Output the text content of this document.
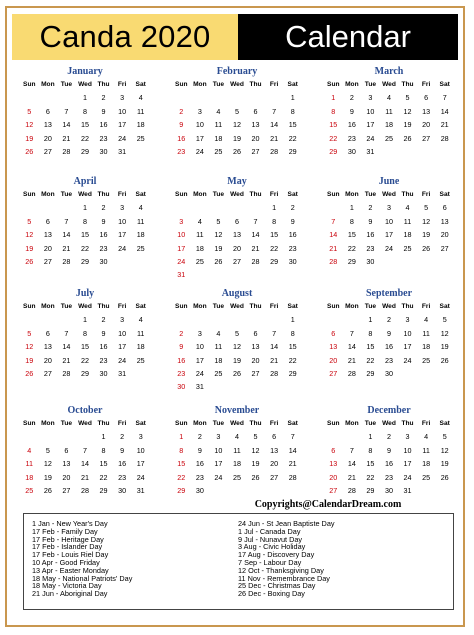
Canda 2020	Calendar
January
Sun	Mon	Tue	Wed	Thu	Fri	Sat
			1	2	3	4
5	6	7	8	9	10	11
12	13	14	15	16	17	18
19	20	21	22	23	24	25
26	27	28	29	30	31	
February
Sun	Mon	Tue	Wed	Thu	Fri	Sat
						1
2	3	4	5	6	7	8
9	10	11	12	13	14	15
16	17	18	19	20	21	22
23	24	25	26	27	28	29
March
Sun	Mon	Tue	Wed	Thu	Fri	Sat
1	2	3	4	5	6	7
8	9	10	11	12	13	14
15	16	17	18	19	20	21
22	23	24	25	26	27	28
29	30	31				
April
Sun	Mon	Tue	Wed	Thu	Fri	Sat
			1	2	3	4
5	6	7	8	9	10	11
12	13	14	15	16	17	18
19	20	21	22	23	24	25
26	27	28	29	30		
May
Sun	Mon	Tue	Wed	Thu	Fri	Sat
					1	2
3	4	5	6	7	8	9
10	11	12	13	14	15	16
17	18	19	20	21	22	23
24	25	26	27	28	29	30
31						
June
Sun	Mon	Tue	Wed	Thu	Fri	Sat
	1	2	3	4	5	6
7	8	9	10	11	12	13
14	15	16	17	18	19	20
21	22	23	24	25	26	27
28	29	30				
July
Sun	Mon	Tue	Wed	Thu	Fri	Sat
			1	2	3	4
5	6	7	8	9	10	11
12	13	14	15	16	17	18
19	20	21	22	23	24	25
26	27	28	29	30	31	
August
Sun	Mon	Tue	Wed	Thu	Fri	Sat
						1
2	3	4	5	6	7	8
9	10	11	12	13	14	15
16	17	18	19	20	21	22
23	24	25	26	27	28	29
30	31					
September
Sun	Mon	Tue	Wed	Thu	Fri	Sat
		1	2	3	4	5
6	7	8	9	10	11	12
13	14	15	16	17	18	19
20	21	22	23	24	25	26
27	28	29	30			
October
Sun	Mon	Tue	Wed	Thu	Fri	Sat
				1	2	3
4	5	6	7	8	9	10
11	12	13	14	15	16	17
18	19	20	21	22	23	24
25	26	27	28	29	30	31
November
Sun	Mon	Tue	Wed	Thu	Fri	Sat
1	2	3	4	5	6	7
8	9	10	11	12	13	14
15	16	17	18	19	20	21
22	23	24	25	26	27	28
29	30					
December
Sun	Mon	Tue	Wed	Thu	Fri	Sat
		1	2	3	4	5
6	7	8	9	10	11	12
13	14	15	16	17	18	19
20	21	22	23	24	25	26
27	28	29	30	31		
Copyrights@CalendarDream.com
1 Jan - New Year's Day
17 Feb - Family Day
17 Feb - Heritage Day
17 Feb - Islander Day
17 Feb - Louis Riel Day
10 Apr - Good Friday
13 Apr - Easter Monday
18 May - National Patriots' Day
18 May - Victoria Day
21 Jun - Aboriginal Day
24 Jun - St Jean Baptiste Day
1 Jul - Canada Day
9 Jul - Nunavut Day
3 Aug - Civic Holiday
17 Aug - Discovery Day
7 Sep - Labour Day
12 Oct - Thanksgiving Day
11 Nov - Remembrance Day
25 Dec - Christmas Day
26 Dec - Boxing Day
